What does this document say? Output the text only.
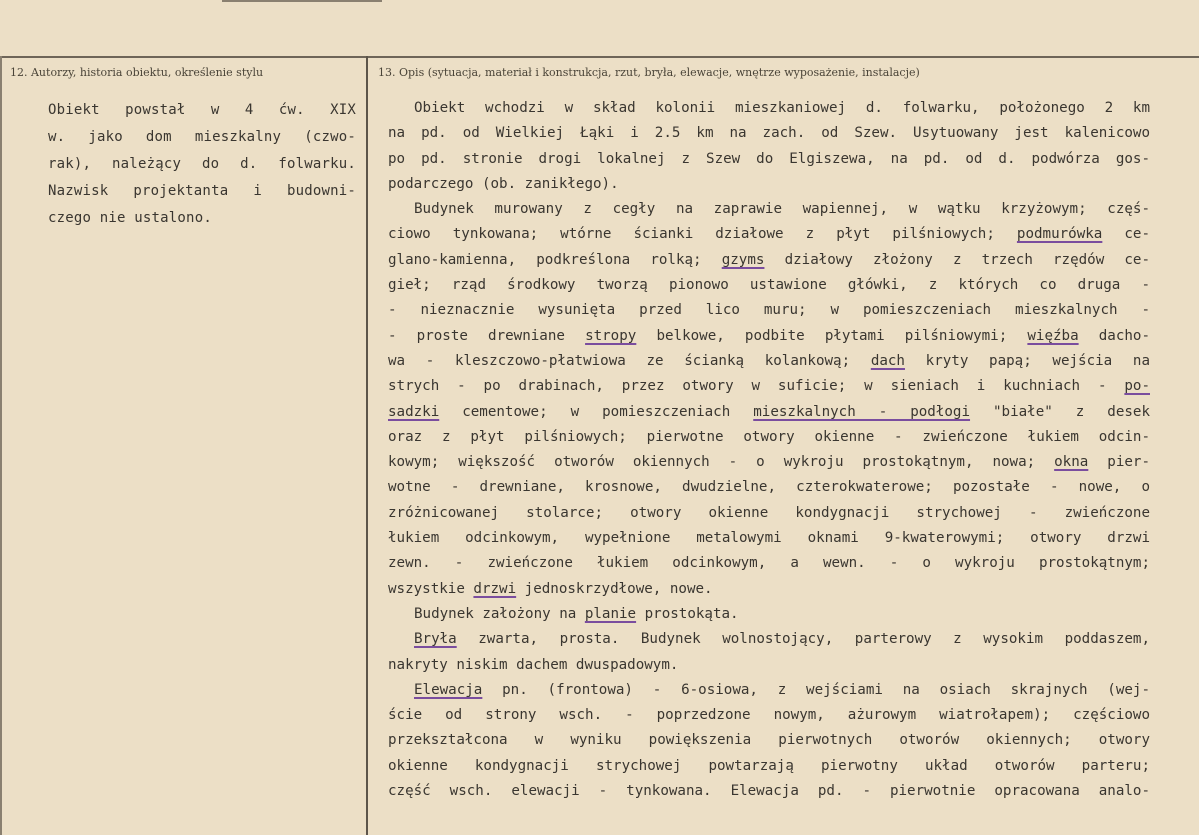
12. Autorzy, historia obiektu, określenie stylu	13. Opis (sytuacja, materiał i konstrukcja, rzut, bryła, elewacje, wnętrze wyposażenie, instalacje)
Obiekt powstał w 4 ćw. XIX
w. jako dom mieszkalny (czwo-
rak), należący do d. folwarku.
Nazwisk projektanta i budowni-
czego nie ustalono.
Obiekt wchodzi w skład kolonii mieszkaniowej d. folwarku, położonego 2 km
na pd. od Wielkiej Łąki i 2.5 km na zach. od Szew. Usytuowany jest kalenicowo
po pd. stronie drogi lokalnej z Szew do Elgiszewa, na pd. od d. podwórza gos-
podarczego (ob. zanikłego).
Budynek murowany z cegły na zaprawie wapiennej, w wątku krzyżowym; częś-
ciowo tynkowana; wtórne ścianki działowe z płyt pilśniowych; podmurówka ce-
glano-kamienna, podkreślona rolką; gzyms działowy złożony z trzech rzędów ce-
gieł; rząd środkowy tworzą pionowo ustawione główki, z których co druga -
- nieznacznie wysunięta przed lico muru; w pomieszczeniach mieszkalnych -
- proste drewniane stropy belkowe, podbite płytami pilśniowymi; więźba dacho-
wa - kleszczowo-płatwiowa ze ścianką kolankową; dach kryty papą; wejścia na
strych - po drabinach, przez otwory w suficie; w sieniach i kuchniach - po-
sadzki cementowe; w pomieszczeniach mieszkalnych - podłogi "białe" z desek
oraz z płyt pilśniowych; pierwotne otwory okienne - zwieńczone łukiem odcin-
kowym; większość otworów okiennych - o wykroju prostokątnym, nowa; okna pier-
wotne - drewniane, krosnowe, dwudzielne, czterokwaterowe; pozostałe - nowe, o
zróżnicowanej stolarce; otwory okienne kondygnacji strychowej - zwieńczone
łukiem odcinkowym, wypełnione metalowymi oknami 9-kwaterowymi; otwory drzwi
zewn. - zwieńczone łukiem odcinkowym, a wewn. - o wykroju prostokątnym;
wszystkie drzwi jednoskrzydłowe, nowe.
Budynek założony na planie prostokąta.
Bryła zwarta, prosta. Budynek wolnostojący, parterowy z wysokim poddaszem,
nakryty niskim dachem dwuspadowym.
Elewacja pn. (frontowa) - 6-osiowa, z wejściami na osiach skrajnych (wej-
ście od strony wsch. - poprzedzone nowym, ażurowym wiatrołapem); częściowo
przekształcona w wyniku powiększenia pierwotnych otworów okiennych; otwory
okienne kondygnacji strychowej powtarzają pierwotny układ otworów parteru;
część wsch. elewacji - tynkowana. Elewacja pd. - pierwotnie opracowana analo-
